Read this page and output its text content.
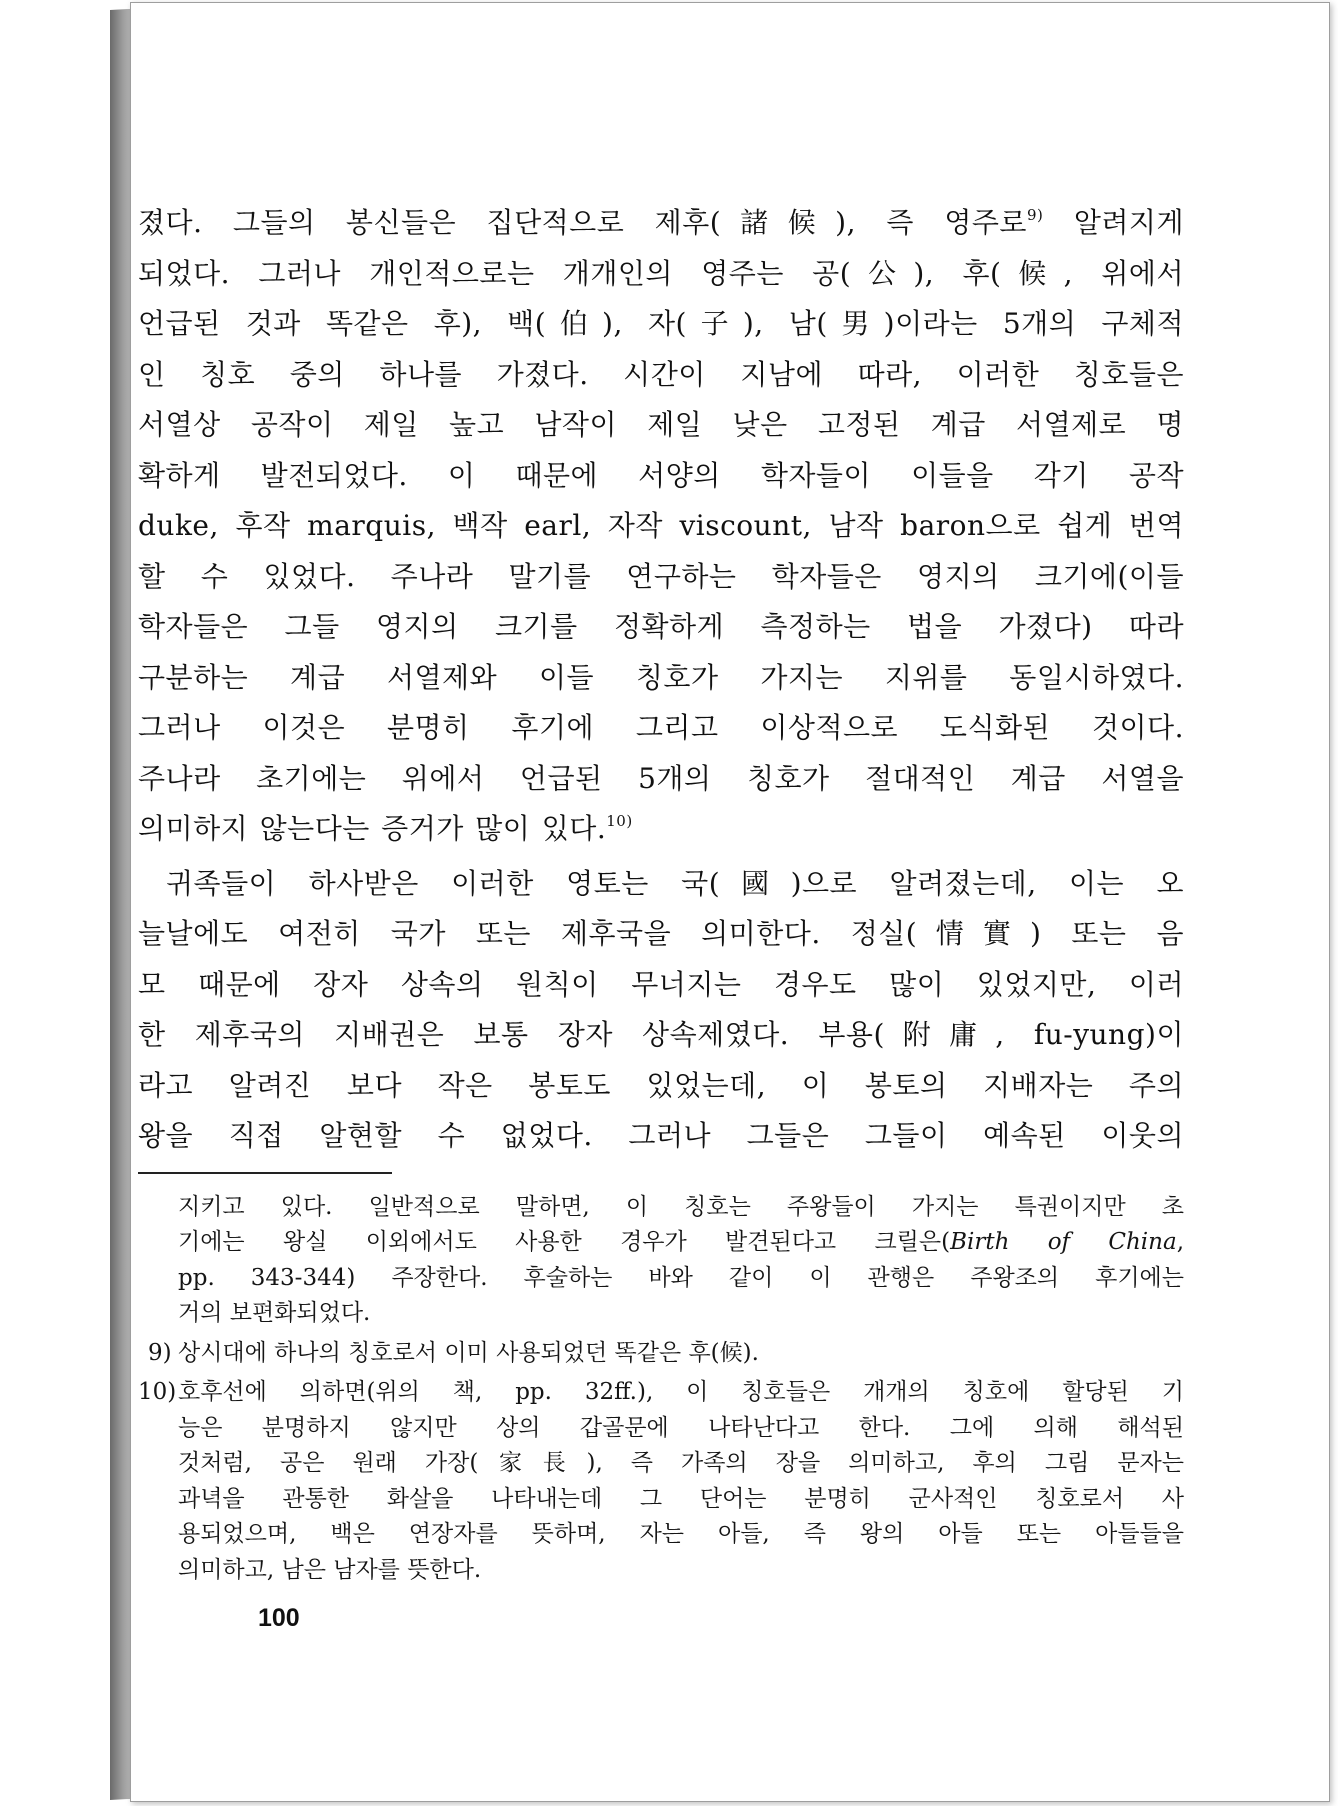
졌다. 그들의 봉신들은 집단적으로 제후(諸候), 즉 영주로$^{9)}$ 알려지게
되었다. 그러나 개인적으로는 개개인의 영주는 공(公), 후(候, 위에서
언급된 것과 똑같은 후), 백(伯), 자(子), 남(男)이라는 5개의 구체적
인 칭호 중의 하나를 가졌다. 시간이 지남에 따라, 이러한 칭호들은
서열상 공작이 제일 높고 남작이 제일 낮은 고정된 계급 서열제로 명
확하게 발전되었다. 이 때문에 서양의 학자들이 이들을 각기 공작
duke, 후작 marquis, 백작 earl, 자작 viscount, 남작 baron으로 쉽게 번역
할 수 있었다. 주나라 말기를 연구하는 학자들은 영지의 크기에(이들
학자들은 그들 영지의 크기를 정확하게 측정하는 법을 가졌다) 따라
구분하는 계급 서열제와 이들 칭호가 가지는 지위를 동일시하였다.
그러나 이것은 분명히 후기에 그리고 이상적으로 도식화된 것이다.
주나라 초기에는 위에서 언급된 5개의 칭호가 절대적인 계급 서열을
의미하지 않는다는 증거가 많이 있다.$^{10)}$
귀족들이 하사받은 이러한 영토는 국(國)으로 알려졌는데, 이는 오
늘날에도 여전히 국가 또는 제후국을 의미한다. 정실(情實) 또는 음
모 때문에 장자 상속의 원칙이 무너지는 경우도 많이 있었지만, 이러
한 제후국의 지배권은 보통 장자 상속제였다. 부용(附庸, fu-yung)이
라고 알려진 보다 작은 봉토도 있었는데, 이 봉토의 지배자는 주의
왕을 직접 알현할 수 없었다. 그러나 그들은 그들이 예속된 이웃의
지키고 있다. 일반적으로 말하면, 이 칭호는 주왕들이 가지는 특권이지만 초
기에는 왕실 이외에서도 사용한 경우가 발견된다고 크릴은(Birth of China,
pp. 343-344) 주장한다. 후술하는 바와 같이 이 관행은 주왕조의 후기에는
거의 보편화되었다.
9) 상시대에 하나의 칭호로서 이미 사용되었던 똑같은 후(候).
10) 호후선에 의하면(위의 책, pp. 32ff.), 이 칭호들은 개개의 칭호에 할당된 기
능은 분명하지 않지만 상의 갑골문에 나타난다고 한다. 그에 의해 해석된
것처럼, 공은 원래 가장(家長), 즉 가족의 장을 의미하고, 후의 그림 문자는
과녁을 관통한 화살을 나타내는데 그 단어는 분명히 군사적인 칭호로서 사
용되었으며, 백은 연장자를 뜻하며, 자는 아들, 즉 왕의 아들 또는 아들들을
의미하고, 남은 남자를 뜻한다.
100
